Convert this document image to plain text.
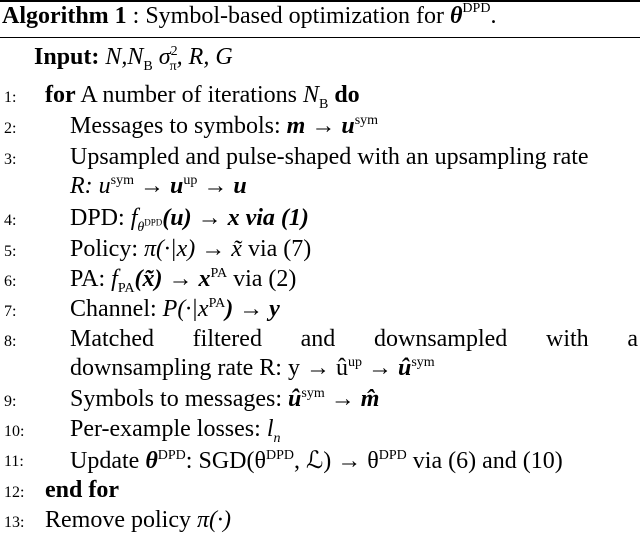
Algorithm 1 : Symbol-based optimization for $\theta^{DPD}$.
Input: $N,N_B$ $\sigma^2_\pi$, R, G
1: for A number of iterations $N_B$ do
2: Messages to symbols: $m \to u^{sym}$
3: Upsampled and pulse-shaped with an upsampling rate
R: $u^{sym} \to u^{up} \to u$
4: DPD: $f_{\theta^{DPD}}(u) \to x$ via (1)
5: Policy: π(·|x) → x̃ via (7)
6: PA: $f_{PA}(x̃) \to x^{PA}$ via (2)
7: Channel: $P(\cdot|x^{PA}) \to y$
8: Matched filtered and downsampled with a
downsampling rate R: $y \to û^{up}$ → $û^{sym}$
9: Symbols to messages: $û^{sym}$ → m̂
10: Per-example losses: $l_n$
11: Update $\theta^{DPD}$: $SGD(\theta^{DPD}$, ℒ) → $\theta^{DPD}$ via (6) and (10)
12: end for
13: Remove policy π(·)
